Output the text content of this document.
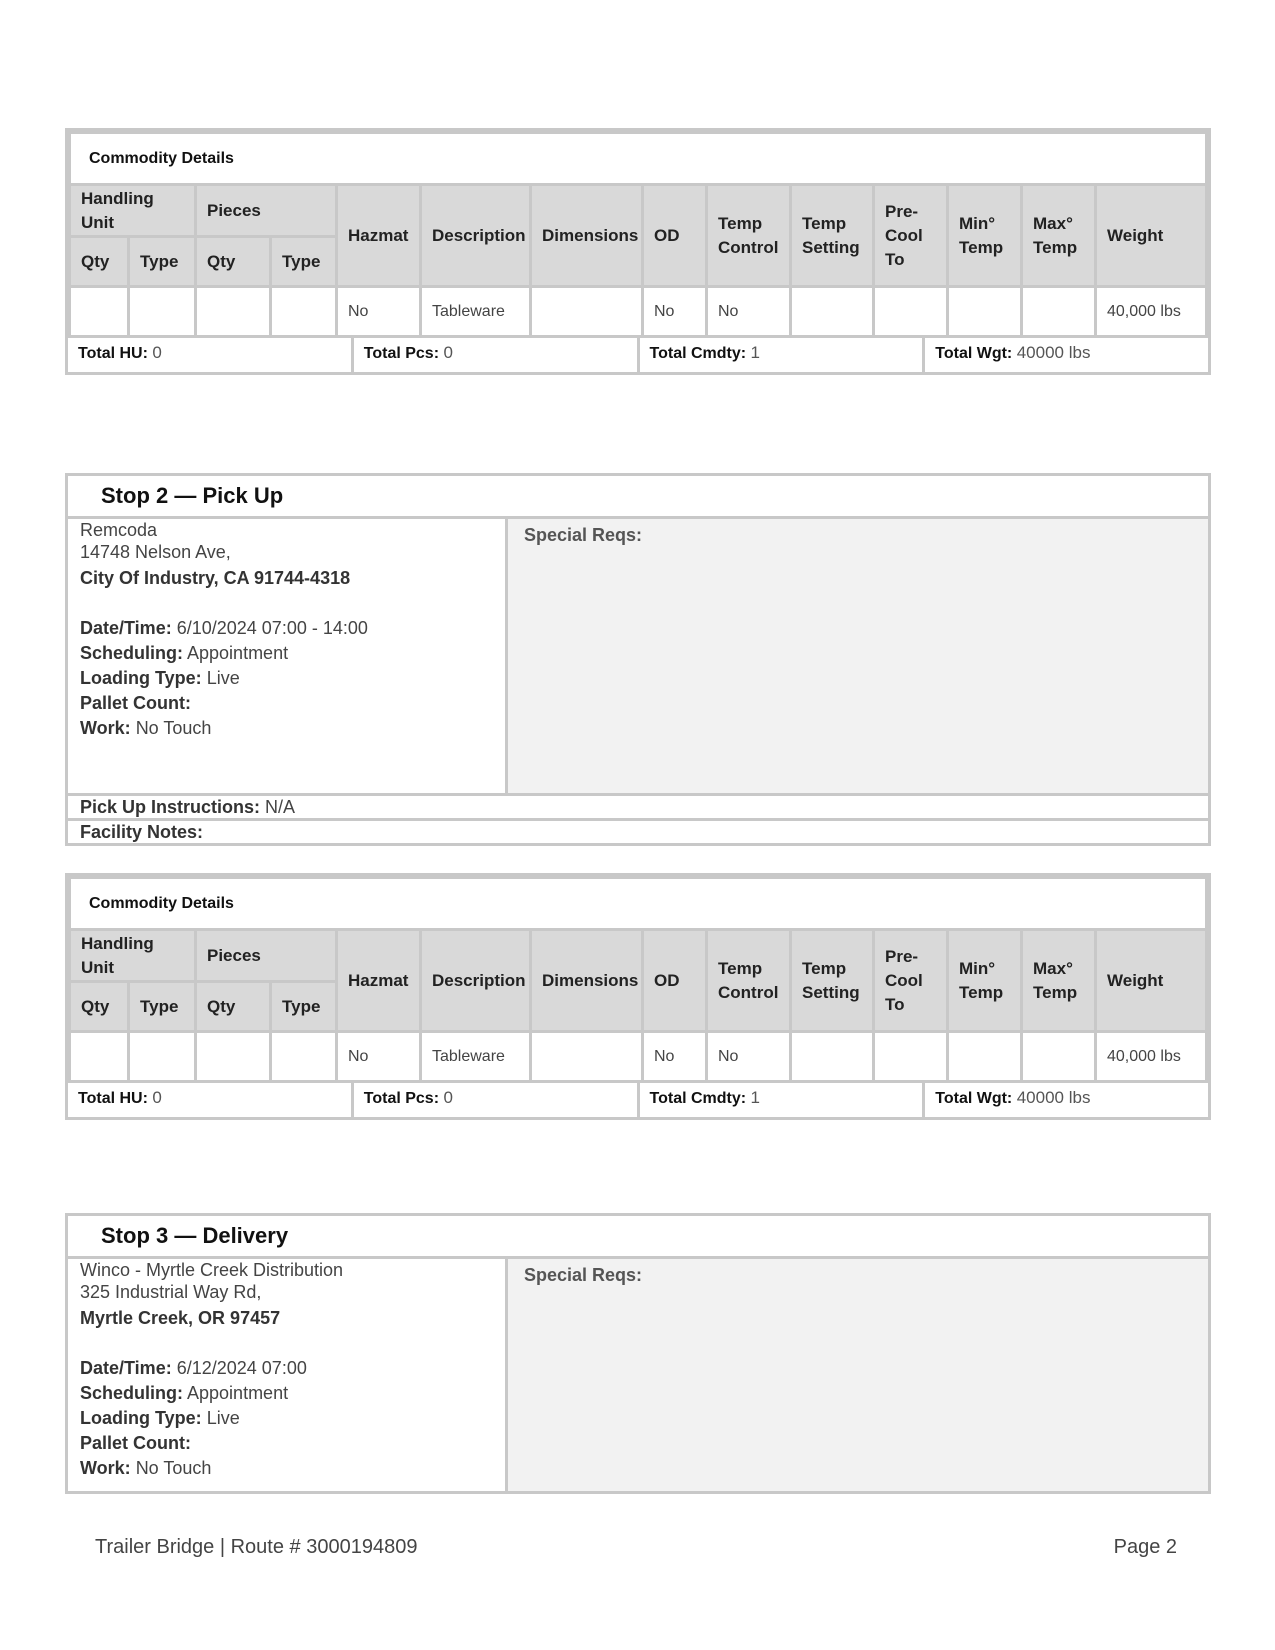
Commodity Details													
Handling Unit		Pieces		Hazmat	Description	Dimensions	OD	Temp Control	Temp Setting	Pre-Cool To	Min° Temp	Max° Temp	Weight
Qty	Type	Qty	Type										
				No	Tableware		No	No					40,000 lbs
Total HU: 0	Total Pcs: 0	Total Cmdty: 1	Total Wgt: 40000 lbs
Stop 2 — Pick Up
Remcoda
14748 Nelson Ave,
City Of Industry, CA 91744-4318
Date/Time: 6/10/2024 07:00 - 14:00
Scheduling: Appointment
Loading Type: Live
Pallet Count:
Work: No Touch
Special Reqs:
Pick Up Instructions: N/A
Facility Notes:
Commodity Details													
Handling Unit		Pieces		Hazmat	Description	Dimensions	OD	Temp Control	Temp Setting	Pre-Cool To	Min° Temp	Max° Temp	Weight
Qty	Type	Qty	Type										
				No	Tableware		No	No					40,000 lbs
Total HU: 0	Total Pcs: 0	Total Cmdty: 1	Total Wgt: 40000 lbs
Stop 3 — Delivery
Winco - Myrtle Creek Distribution
325 Industrial Way Rd,
Myrtle Creek, OR 97457
Date/Time: 6/12/2024 07:00
Scheduling: Appointment
Loading Type: Live
Pallet Count:
Work: No Touch
Special Reqs:
Trailer Bridge | Route # 3000194809	Page 2
